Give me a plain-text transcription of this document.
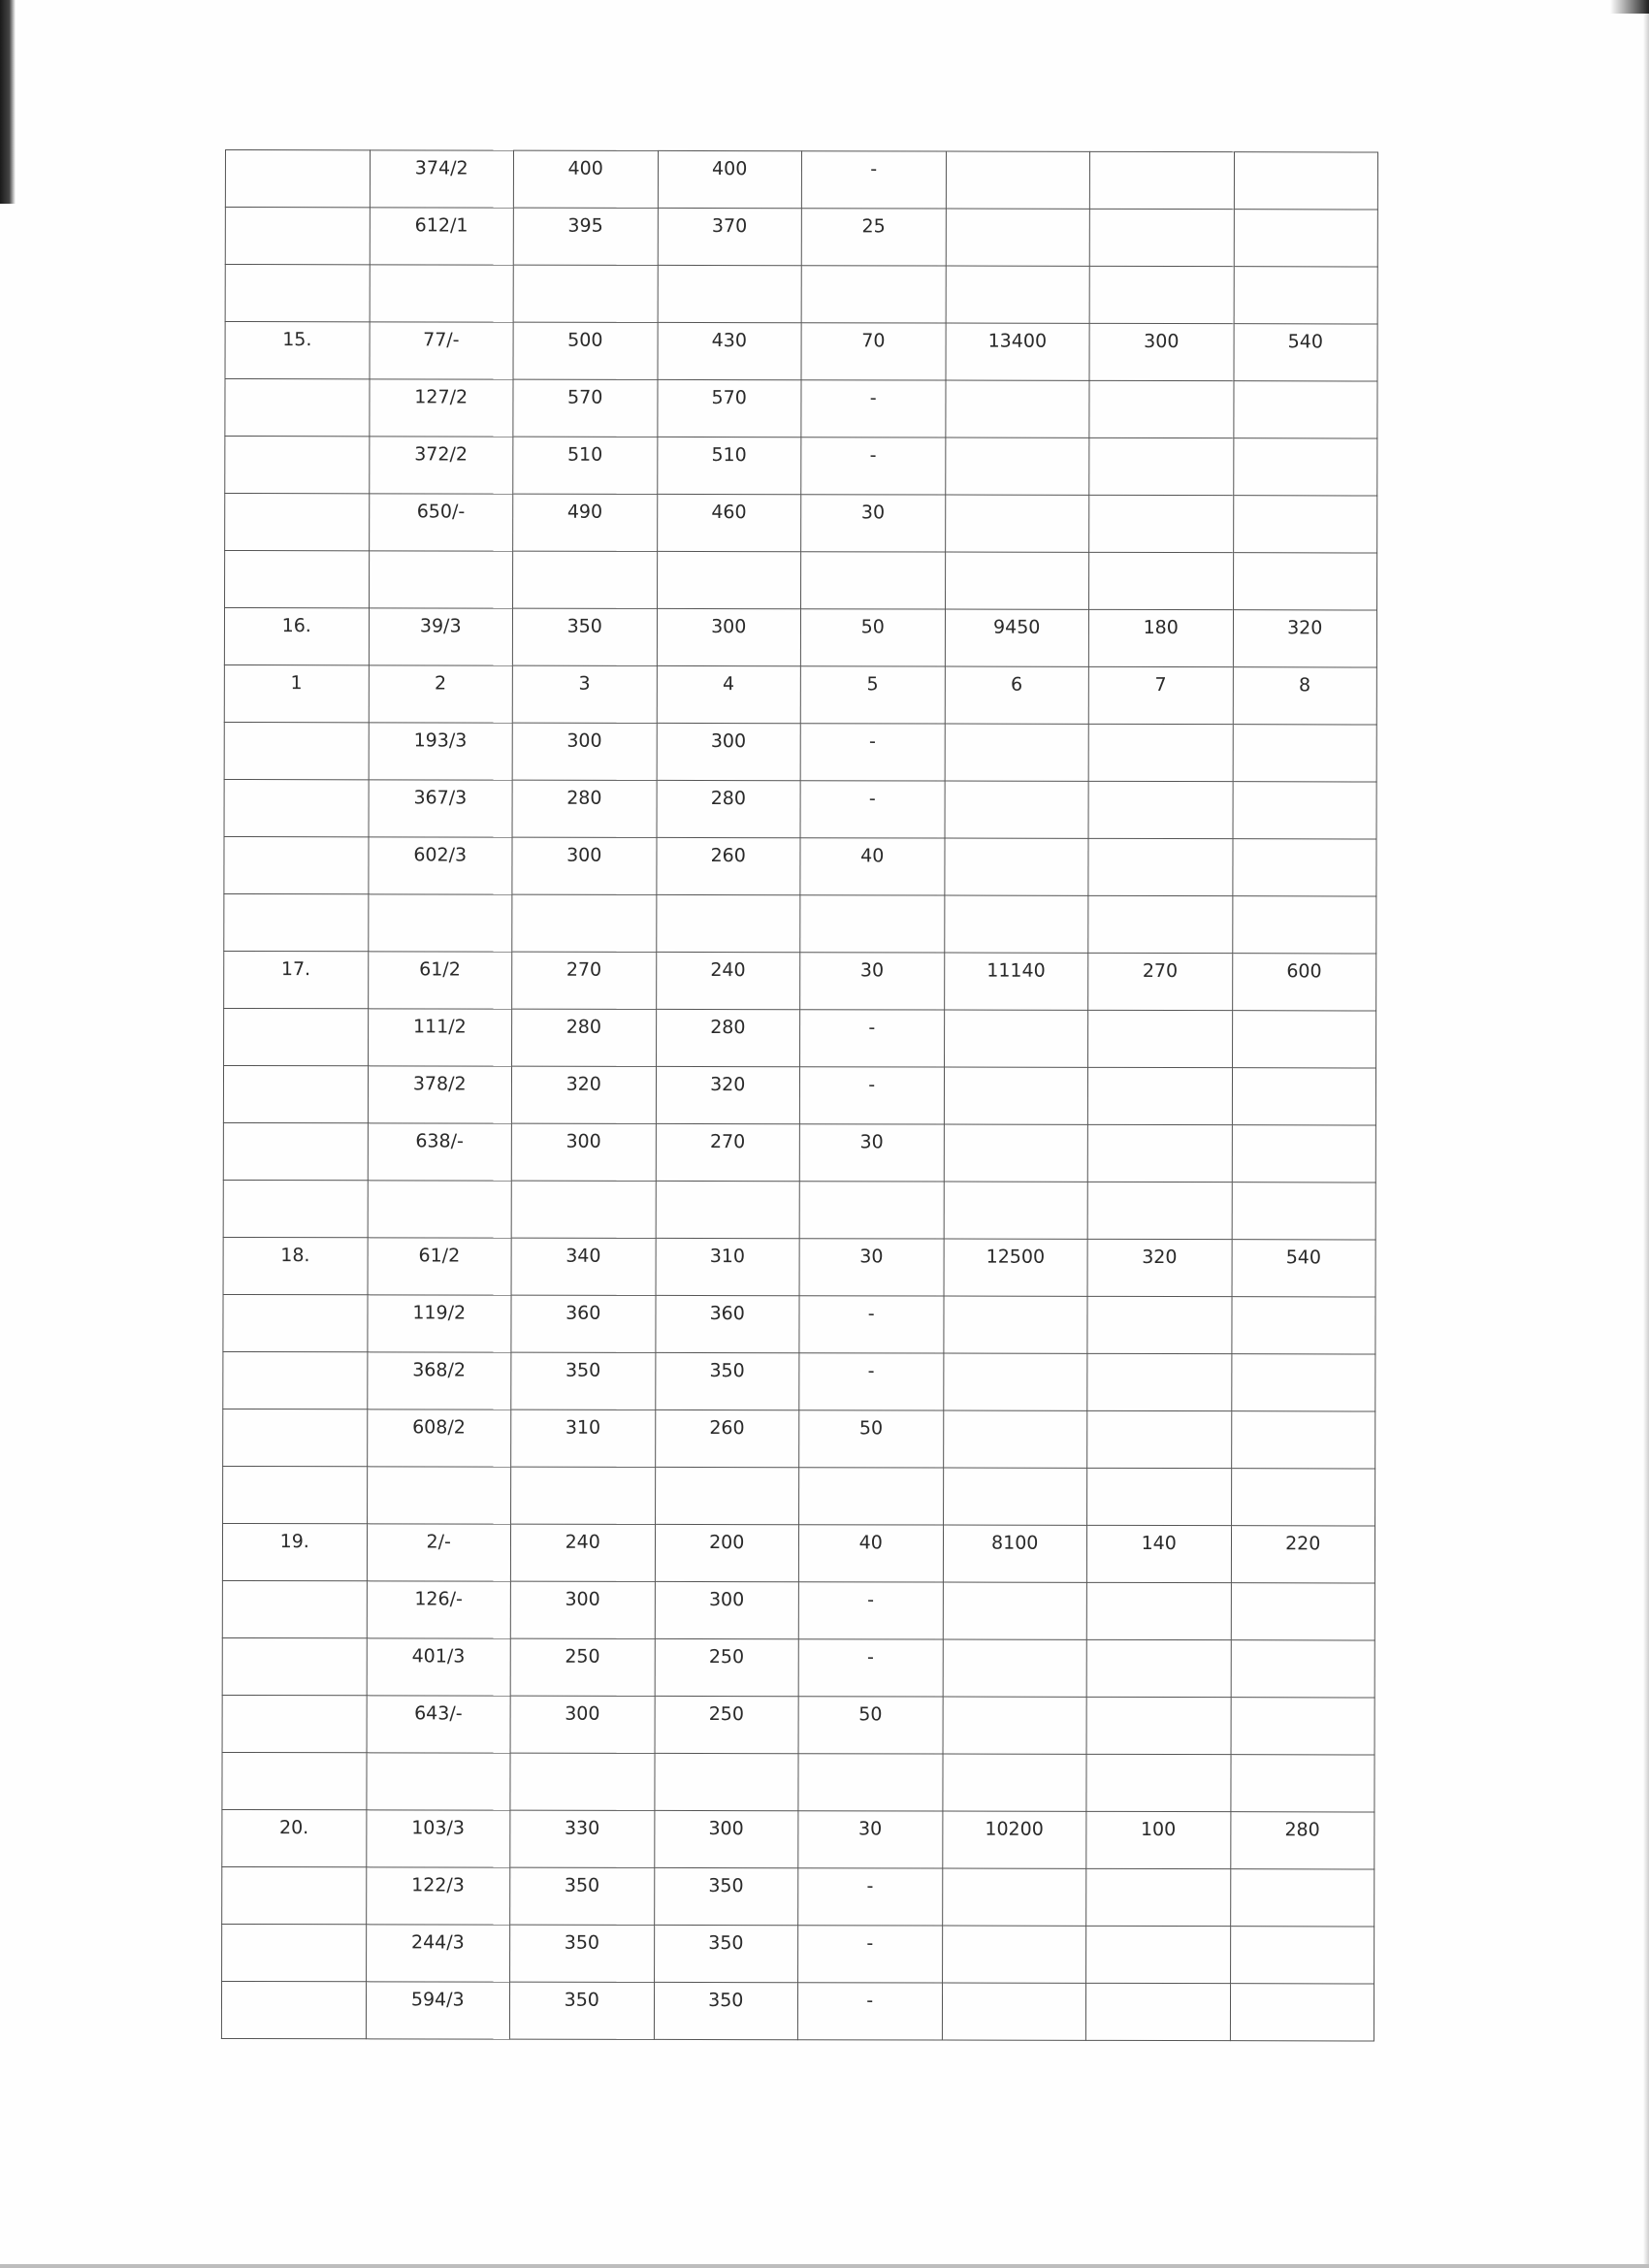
	374/2	400	400	-			

	612/1	395	370	25			

15.	77/-	500	430	70	13400	300	540

	127/2	570	570	-			

	372/2	510	510	-			

	650/-	490	460	30			

16.	39/3	350	300	50	9450	180	320

1	2	3	4	5	6	7	8

	193/3	300	300	-			

	367/3	280	280	-			

	602/3	300	260	40			

17.	61/2	270	240	30	11140	270	600

	111/2	280	280	-			

	378/2	320	320	-			

	638/-	300	270	30			

18.	61/2	340	310	30	12500	320	540

	119/2	360	360	-			

	368/2	350	350	-			

	608/2	310	260	50			

19.	2/-	240	200	40	8100	140	220

	126/-	300	300	-			

	401/3	250	250	-			

	643/-	300	250	50			

20.	103/3	330	300	30	10200	100	280

	122/3	350	350	-			

	244/3	350	350	-			

	594/3	350	350	-			
